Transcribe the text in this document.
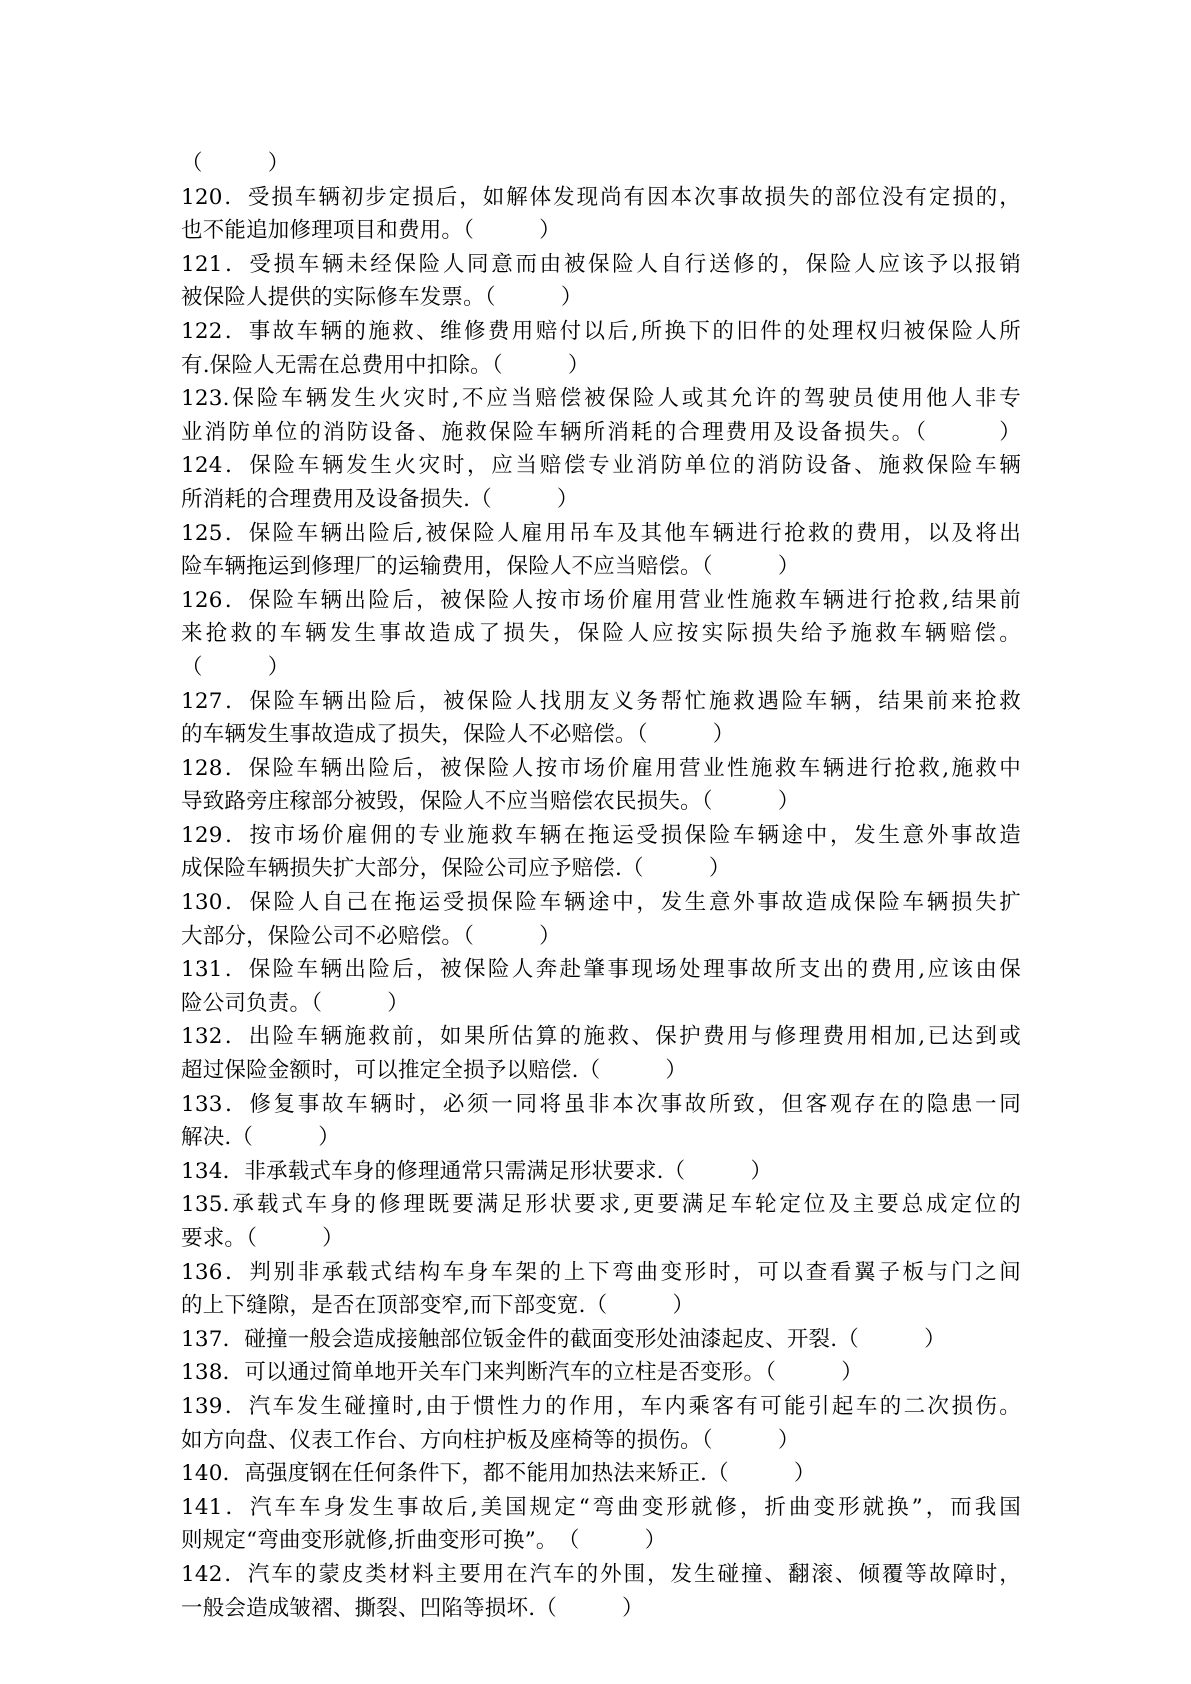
（　　　）
120．受损车辆初步定损后，如解体发现尚有因本次事故损失的部位没有定损的，
也不能追加修理项目和费用。（　　　）
121．受损车辆未经保险人同意而由被保险人自行送修的，保险人应该予以报销
被保险人提供的实际修车发票。（　　　）
122．事故车辆的施救、维修费用赔付以后,所换下的旧件的处理权归被保险人所
有.保险人无需在总费用中扣除。（　　　）
123.保险车辆发生火灾时,不应当赔偿被保险人或其允许的驾驶员使用他人非专
业消防单位的消防设备、施救保险车辆所消耗的合理费用及设备损失。（　　　）
124．保险车辆发生火灾时，应当赔偿专业消防单位的消防设备、施救保险车辆
所消耗的合理费用及设备损失.（　　　）
125．保险车辆出险后,被保险人雇用吊车及其他车辆进行抢救的费用，以及将出
险车辆拖运到修理厂的运输费用，保险人不应当赔偿。（　　　）
126．保险车辆出险后，被保险人按市场价雇用营业性施救车辆进行抢救,结果前
来抢救的车辆发生事故造成了损失，保险人应按实际损失给予施救车辆赔偿。
（　　　）
127．保险车辆出险后，被保险人找朋友义务帮忙施救遇险车辆，结果前来抢救
的车辆发生事故造成了损失，保险人不必赔偿。（　　　）
128．保险车辆出险后，被保险人按市场价雇用营业性施救车辆进行抢救,施救中
导致路旁庄稼部分被毁，保险人不应当赔偿农民损失。（　　　）
129．按市场价雇佣的专业施救车辆在拖运受损保险车辆途中，发生意外事故造
成保险车辆损失扩大部分，保险公司应予赔偿.（　　　）
130．保险人自己在拖运受损保险车辆途中，发生意外事故造成保险车辆损失扩
大部分，保险公司不必赔偿。（　　　）
131．保险车辆出险后，被保险人奔赴肇事现场处理事故所支出的费用,应该由保
险公司负责。（　　　）
132．出险车辆施救前，如果所估算的施救、保护费用与修理费用相加,已达到或
超过保险金额时，可以推定全损予以赔偿.（　　　）
133．修复事故车辆时，必须一同将虽非本次事故所致，但客观存在的隐患一同
解决.（　　　）
134．非承载式车身的修理通常只需满足形状要求.（　　　）
135.承载式车身的修理既要满足形状要求,更要满足车轮定位及主要总成定位的
要求。（　　　）
136．判别非承载式结构车身车架的上下弯曲变形时，可以查看翼子板与门之间
的上下缝隙，是否在顶部变窄,而下部变宽.（　　　）
137．碰撞一般会造成接触部位钣金件的截面变形处油漆起皮、开裂.（　　　）
138．可以通过简单地开关车门来判断汽车的立柱是否变形。（　　　）
139．汽车发生碰撞时,由于惯性力的作用，车内乘客有可能引起车的二次损伤。
如方向盘、仪表工作台、方向柱护板及座椅等的损伤。（　　　）
140．高强度钢在任何条件下，都不能用加热法来矫正.（　　　）
141．汽车车身发生事故后,美国规定“弯曲变形就修，折曲变形就换”，而我国
则规定“弯曲变形就修,折曲变形可换”。　（　　　）
142．汽车的蒙皮类材料主要用在汽车的外围，发生碰撞、翻滚、倾覆等故障时，
一般会造成皱褶、撕裂、凹陷等损坏.（　　　）
